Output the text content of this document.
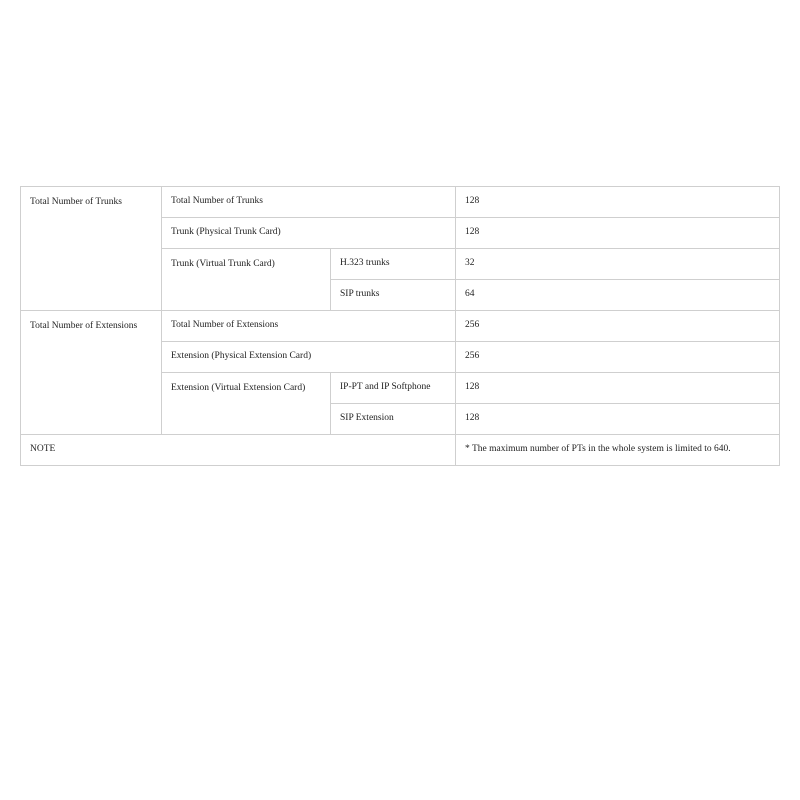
Total Number of Trunks	Total Number of Trunks		128
	Trunk (Physical Trunk Card)		128
	Trunk (Virtual Trunk Card)	H.323 trunks	32
		SIP trunks	64
Total Number of Extensions	Total Number of Extensions		256
	Extension (Physical Extension Card)		256
	Extension (Virtual Extension Card)	IP-PT and IP Softphone	128
		SIP Extension	128
NOTE			* The maximum number of PTs in the whole system is limited to 640.
